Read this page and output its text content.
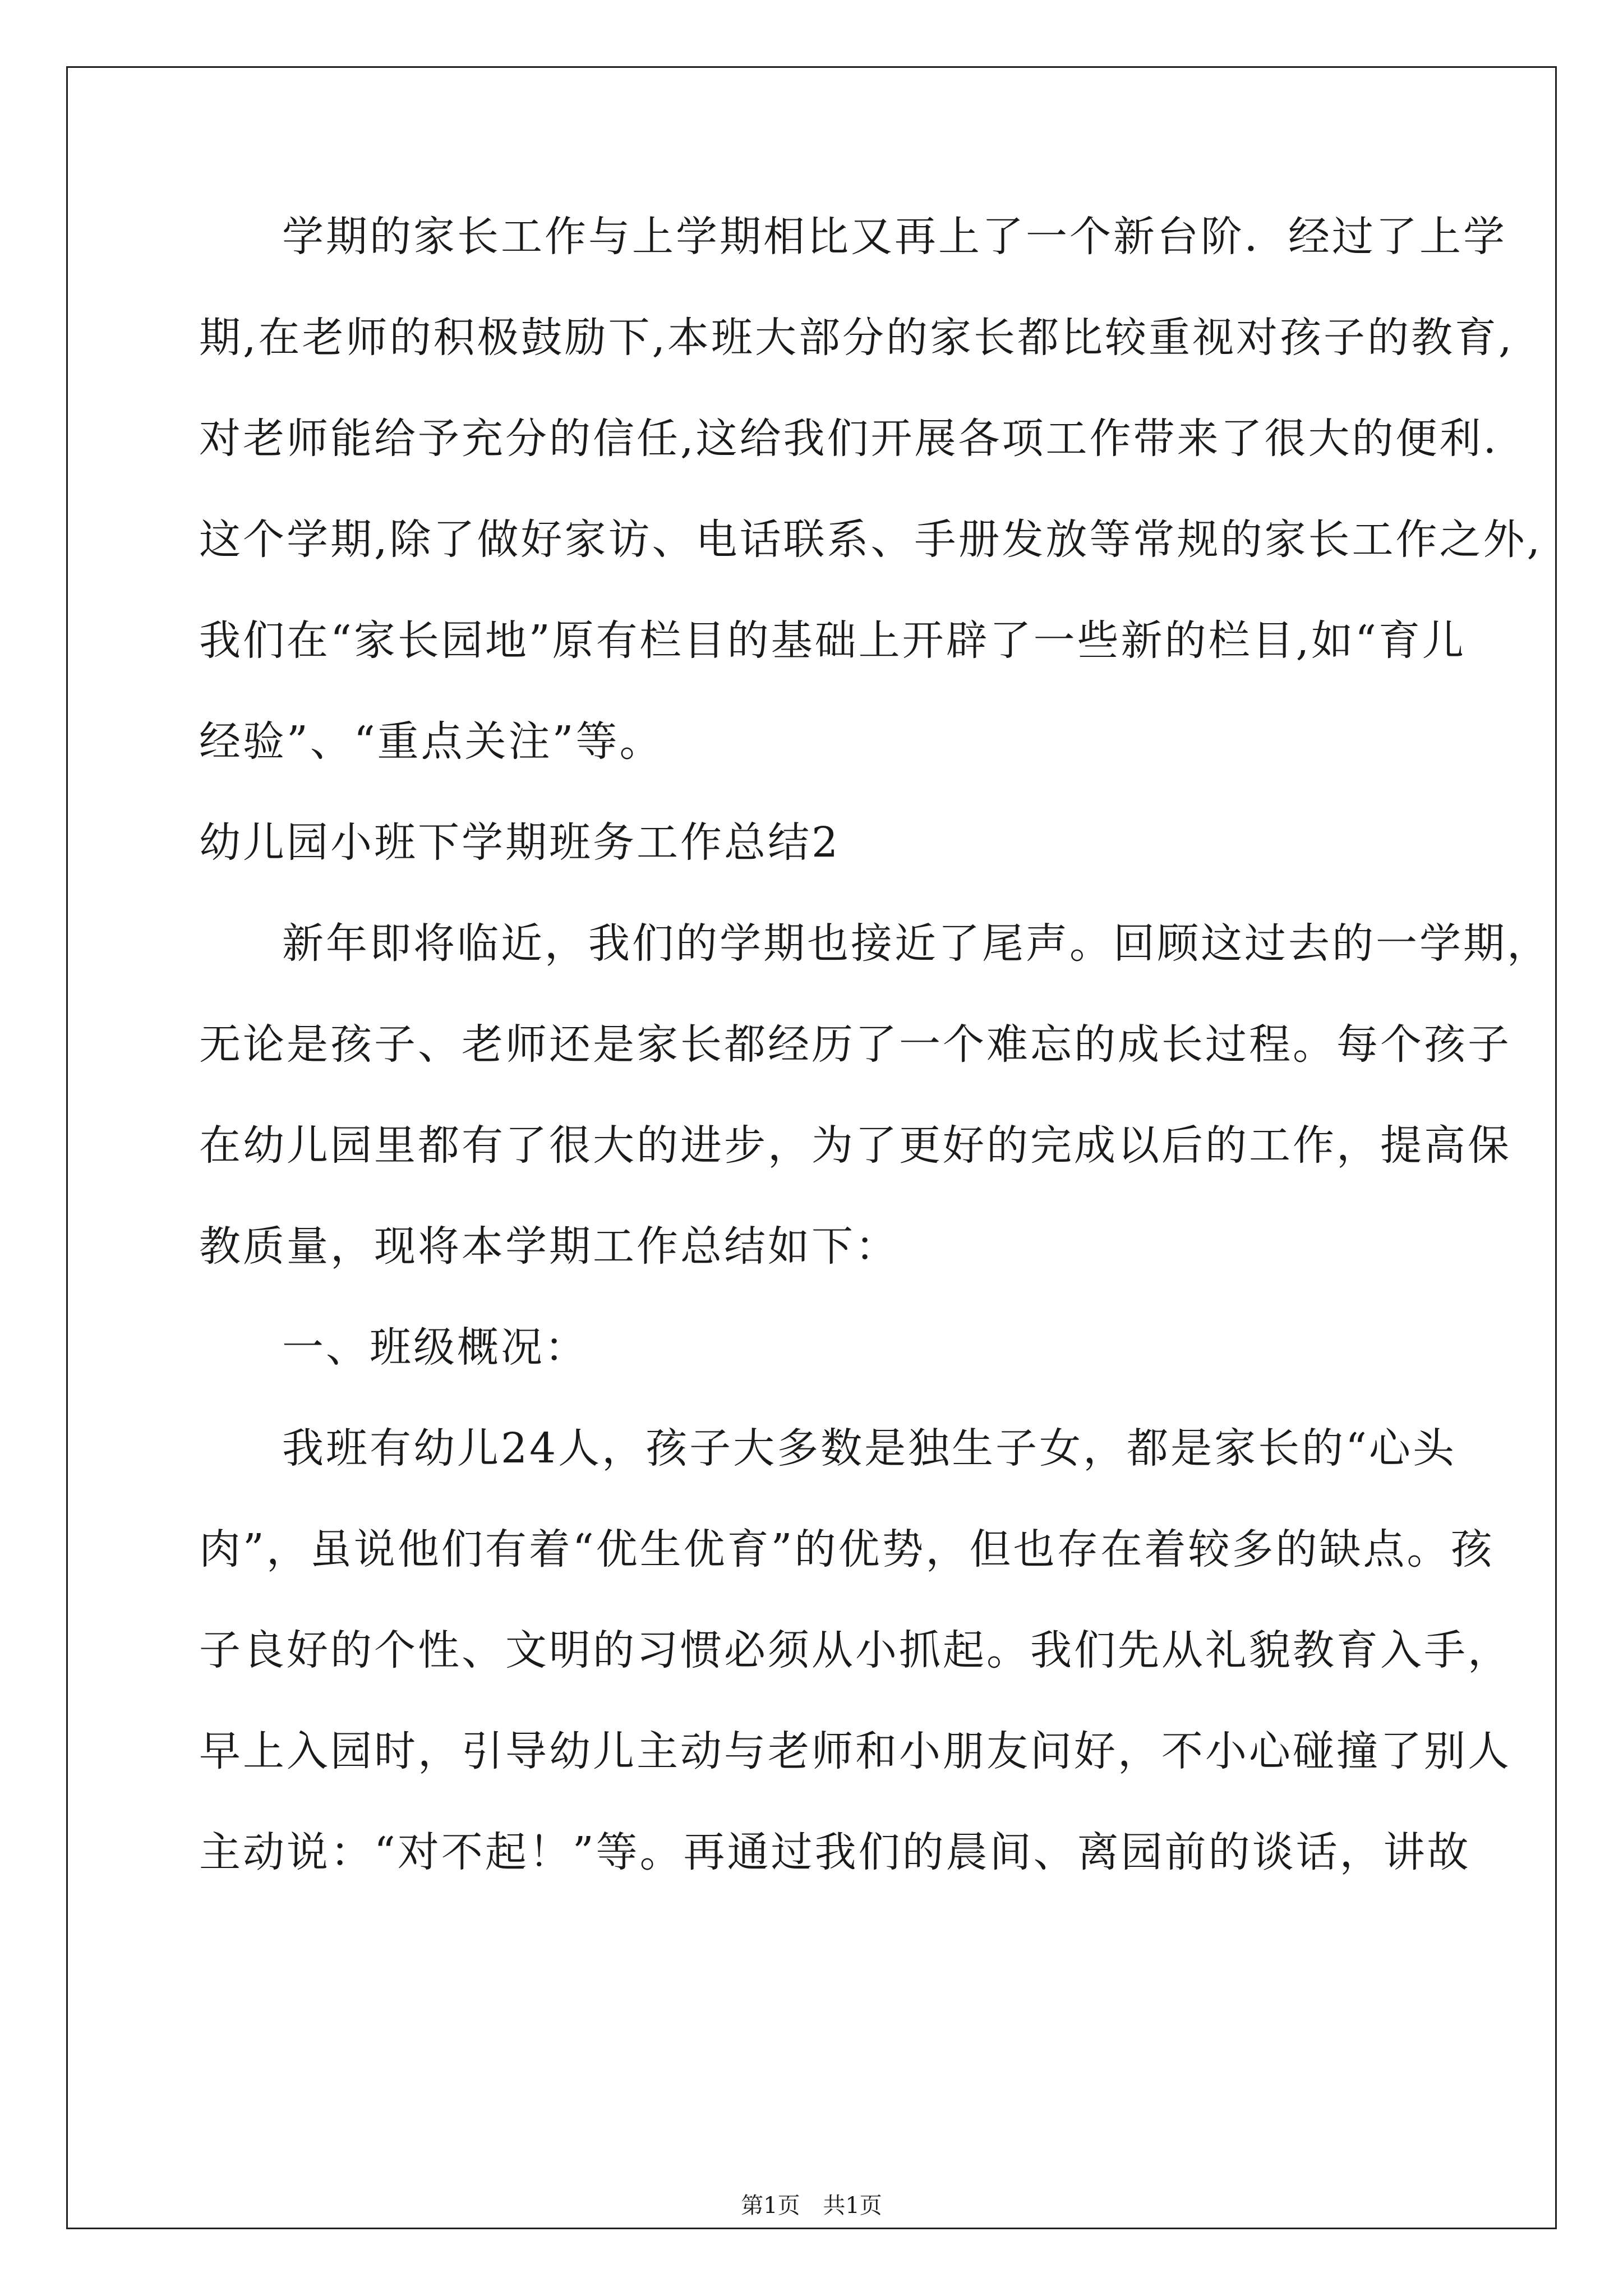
学期的家长工作与上学期相比又再上了一个新台阶．经过了上学
期,在老师的积极鼓励下,本班大部分的家长都比较重视对孩子的教育,
对老师能给予充分的信任,这给我们开展各项工作带来了很大的便利.
这个学期,除了做好家访、电话联系、手册发放等常规的家长工作之外,
我们在“家长园地”原有栏目的基础上开辟了一些新的栏目,如“育儿
经验”、“重点关注”等。
幼儿园小班下学期班务工作总结2
新年即将临近，我们的学期也接近了尾声。回顾这过去的一学期，
无论是孩子、老师还是家长都经历了一个难忘的成长过程。每个孩子
在幼儿园里都有了很大的进步，为了更好的完成以后的工作，提高保
教质量，现将本学期工作总结如下：
一、班级概况：
我班有幼儿24人，孩子大多数是独生子女，都是家长的“心头
肉”，虽说他们有着“优生优育”的优势，但也存在着较多的缺点。孩
子良好的个性、文明的习惯必须从小抓起。我们先从礼貌教育入手，
早上入园时，引导幼儿主动与老师和小朋友问好，不小心碰撞了别人
主动说：“对不起！”等。再通过我们的晨间、离园前的谈话，讲故
第1页 共1页
